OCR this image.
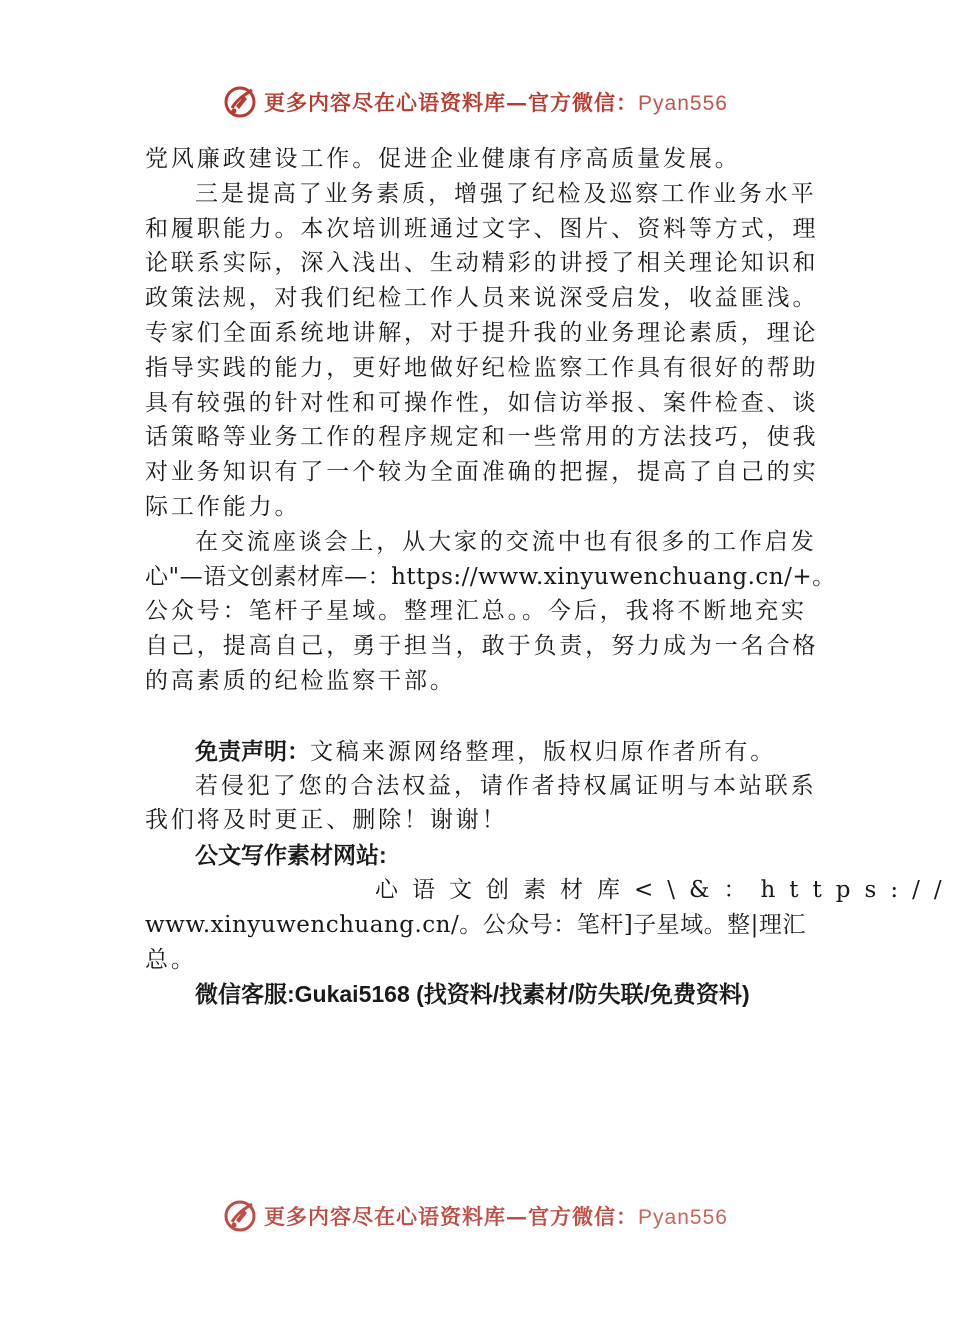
更多内容尽在心语资料库—官方微信：Pyan556
党风廉政建设工作。促进企业健康有序高质量发展。
三是提高了业务素质，增强了纪检及巡察工作业务水平
和履职能力。本次培训班通过文字、图片、资料等方式，理
论联系实际，深入浅出、生动精彩的讲授了相关理论知识和
政策法规，对我们纪检工作人员来说深受启发，收益匪浅。
专家们全面系统地讲解，对于提升我的业务理论素质，理论
指导实践的能力，更好地做好纪检监察工作具有很好的帮助
具有较强的针对性和可操作性，如信访举报、案件检查、谈
话策略等业务工作的程序规定和一些常用的方法技巧，使我
对业务知识有了一个较为全面准确的把握，提高了自己的实
际工作能力。
在交流座谈会上，从大家的交流中也有很多的工作启发
心"—语文创素材库—：https://www.xinyuwenchuang.cn/+。
公众号：笔杆子星域。整理汇总。。今后，我将不断地充实
自己，提高自己，勇于担当，敢于负责，努力成为一名合格
的高素质的纪检监察干部。
免责声明：文稿来源网络整理，版权归原作者所有。
若侵犯了您的合法权益，请作者持权属证明与本站联系
我们将及时更正、删除！谢谢！
公文写作素材网站:
心语文创素材库<\&：https://
www.xinyuwenchuang.cn/。公众号：笔杆]子星域。整|理汇
总。
微信客服:Gukai5168 (找资料/找素材/防失联/免费资料)
更多内容尽在心语资料库—官方微信：Pyan556
